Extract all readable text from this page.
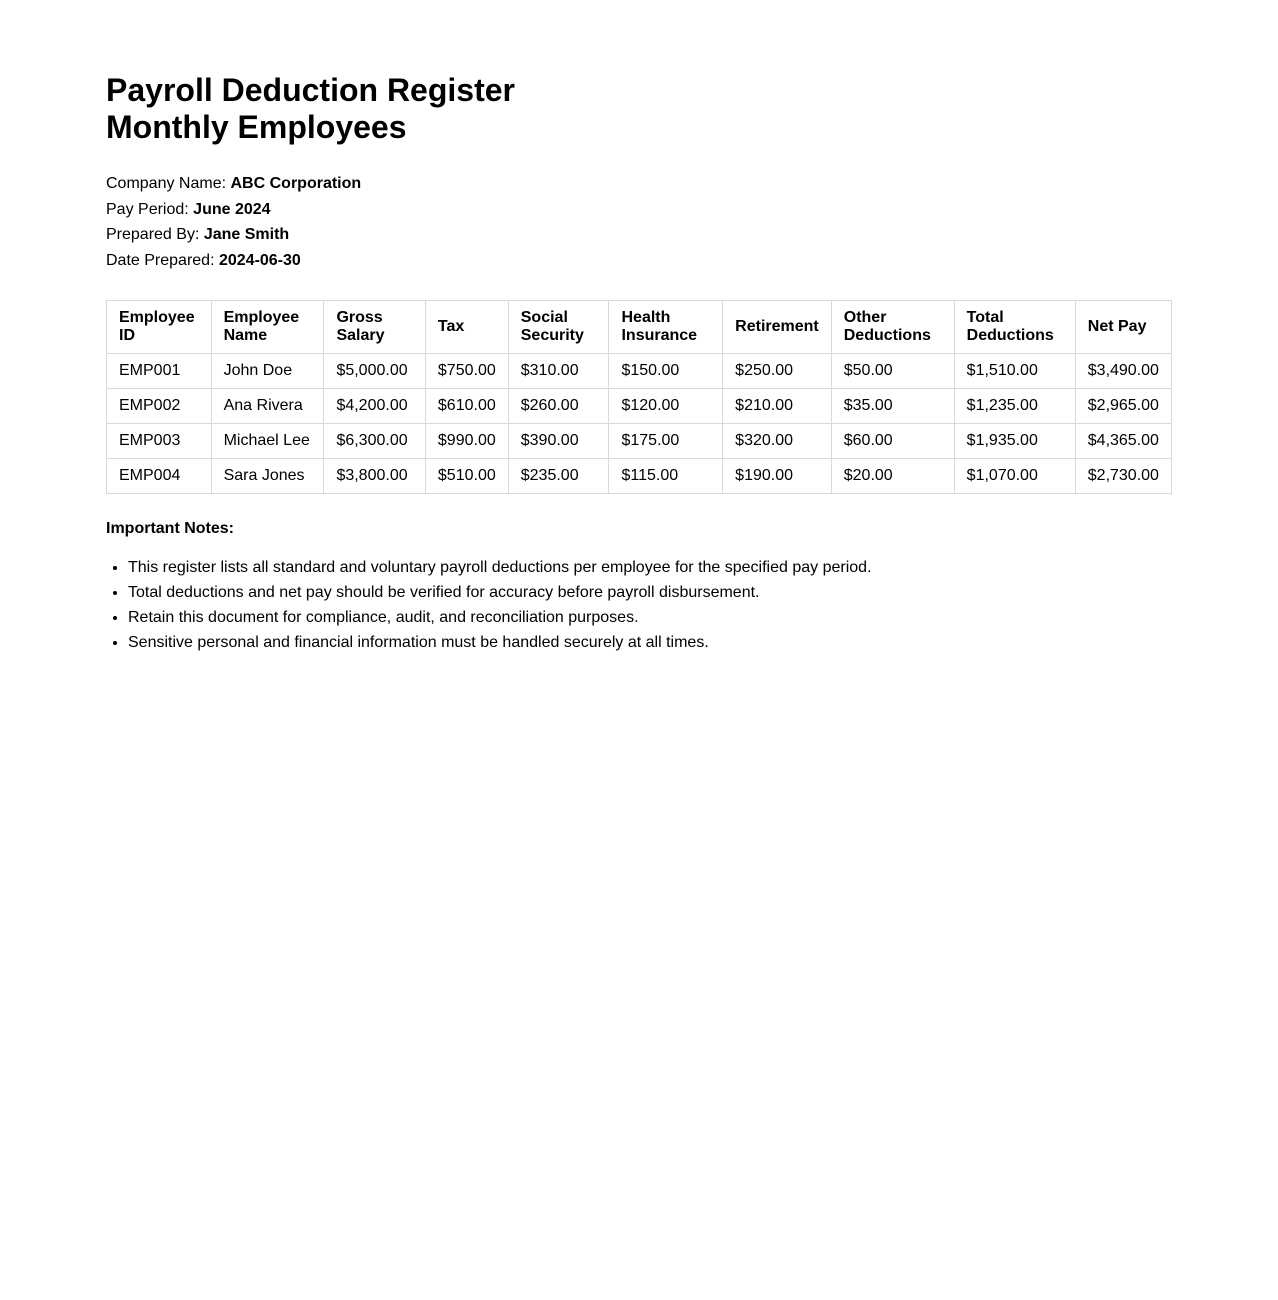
Payroll Deduction Register
Monthly Employees
Company Name: ABC Corporation
Pay Period: June 2024
Prepared By: Jane Smith
Date Prepared: 2024-06-30
Employee ID	Employee Name	Gross Salary	Tax	Social Security	Health Insurance	Retirement	Other Deductions	Total Deductions	Net Pay
EMP001	John Doe	$5,000.00	$750.00	$310.00	$150.00	$250.00	$50.00	$1,510.00	$3,490.00
EMP002	Ana Rivera	$4,200.00	$610.00	$260.00	$120.00	$210.00	$35.00	$1,235.00	$2,965.00
EMP003	Michael Lee	$6,300.00	$990.00	$390.00	$175.00	$320.00	$60.00	$1,935.00	$4,365.00
EMP004	Sara Jones	$3,800.00	$510.00	$235.00	$115.00	$190.00	$20.00	$1,070.00	$2,730.00
Important Notes:
• This register lists all standard and voluntary payroll deductions per employee for the specified pay period.
• Total deductions and net pay should be verified for accuracy before payroll disbursement.
• Retain this document for compliance, audit, and reconciliation purposes.
• Sensitive personal and financial information must be handled securely at all times.
